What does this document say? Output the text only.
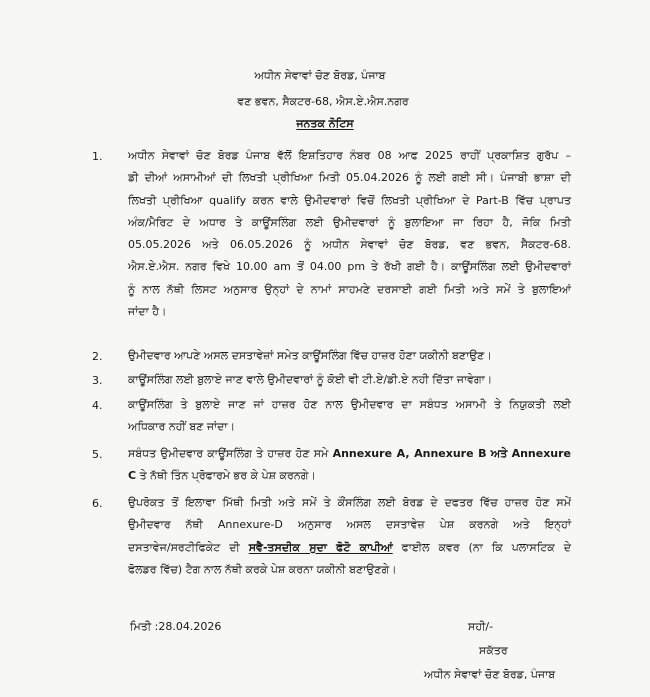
ਅਧੀਨ ਸੇਵਾਵਾਂ ਚੋਣ ਬੋਰਡ, ਪੰਜਾਬ
ਵਣ ਭਵਨ, ਸੈਕਟਰ-68, ਐਸ.ਏ.ਐਸ.ਨਗਰ
ਜਨਤਕ ਨੋਟਿਸ
1. ਅਧੀਨ ਸੇਵਾਵਾਂ ਚੋਣ ਬੋਰਡ ਪੰਜਾਬ ਵੱਲੋਂ ਇਸ਼ਤਿਹਾਰ ਨੰਬਰ 08 ਆਫ 2025 ਰਾਹੀਂ ਪ੍ਰਕਾਸ਼ਿਤ ਗੁਰੱਪ –
ਡੀ ਦੀਆਂ ਅਸਾਮੀਆਂ ਦੀ ਲਿਖਤੀ ਪ੍ਰੀਖਿਆ ਮਿਤੀ 05.04.2026 ਨੂੰ ਲਈ ਗਈ ਸੀ। ਪੰਜਾਬੀ ਭਾਸ਼ਾ ਦੀ
ਲਿਖਤੀ ਪ੍ਰੀਖਿਆ qualify ਕਰਨ ਵਾਲੇ ਉਮੀਦਵਾਰਾਂ ਵਿਚੋਂ ਲਿਖਤੀ ਪ੍ਰੀਖਿਆ ਦੇ Part-B ਵਿੱਚ ਪ੍ਰਾਪਤ
ਅੰਕ/ਮੈਰਿਟ ਦੇ ਅਧਾਰ ਤੇ ਕਾਊਂਸਲਿੰਗ ਲਈ ਉਮੀਦਵਾਰਾਂ ਨੂੰ ਬੁਲਾਇਆ ਜਾ ਰਿਹਾ ਹੈ, ਜੋਕਿ ਮਿਤੀ
05.05.2026 ਅਤੇ 06.05.2026 ਨੂੰ ਅਧੀਨ ਸੇਵਾਵਾਂ ਚੋਣ ਬੋਰਡ, ਵਣ ਭਵਨ, ਸੈਕਟਰ-68.
ਐਸ.ਏ.ਐਸ. ਨਗਰ ਵਿਖੇ 10.00 am ਤੋਂ 04.00 pm ਤੇ ਰੱਖੀ ਗਈ ਹੈ। ਕਾਊਂਸਲਿੰਗ ਲਈ ਉਮੀਦਵਾਰਾਂ
ਨੂੰ ਨਾਲ ਨੱਥੀ ਲਿਸਟ ਅਨੁਸਾਰ ਉਨ੍ਹਾਂ ਦੇ ਨਾਮਾਂ ਸਾਹਮਣੇ ਦਰਸਾਈ ਗਈ ਮਿਤੀ ਅਤੇ ਸਮੇਂ ਤੇ ਬੁਲਾਇਆਂ
ਜਾਂਦਾ ਹੈ।
2. ਉਮੀਦਵਾਰ ਆਪਣੇ ਅਸਲ ਦਸਤਾਵੇਜ਼ਾਂ ਸਮੇਤ ਕਾਊਂਸਲਿੰਗ ਵਿੱਚ ਹਾਜ਼ਰ ਹੋਣਾ ਯਕੀਨੀ ਬਣਾਉਣ।
3. ਕਾਊਂਸਲਿੰਗ ਲਈ ਬੁਲਾਏ ਜਾਣ ਵਾਲੇ ਉਮੀਦਵਾਰਾਂ ਨੂੰ ਕੋਈ ਵੀ ਟੀ.ਏ/ਡੀ.ਏ ਨਹੀ ਦਿੱਤਾ ਜਾਵੇਗਾ।
4. ਕਾਊਂਸਲਿੰਗ ਤੇ ਬੁਲਾਏ ਜਾਣ ਜਾਂ ਹਾਜ਼ਰ ਹੋਣ ਨਾਲ ਉਮੀਦਵਾਰ ਦਾ ਸਬੰਧਤ ਅਸਾਮੀ ਤੇ ਨਿਯੁਕਤੀ ਲਈ
ਅਧਿਕਾਰ ਨਹੀਂ ਬਣ ਜਾਂਦਾ।
5. ਸਬੰਧਤ ਉਮੀਦਵਾਰ ਕਾਊਂਸਲਿੰਗ ਤੇ ਹਾਜ਼ਰ ਹੋਣ ਸਮੇ Annexure A, Annexure B ਅਤੇ Annexure
C ਤੇ ਨੱਥੀ ਤਿੰਨ ਪ੍ਰੋਫਾਰਮੇ ਭਰ ਕੇ ਪੇਸ਼ ਕਰਨਗੇ।
6. ਉਪਰੋਕਤ ਤੋਂ ਇਲਾਵਾ ਮਿੱਥੀ ਮਿਤੀ ਅਤੇ ਸਮੇਂ ਤੇ ਕੌਂਸਲਿੰਗ ਲਈ ਬੋਰਡ ਦੇ ਦਫਤਰ ਵਿੱਚ ਹਾਜ਼ਰ ਹੋਣ ਸਮੇਂ
ਉਮੀਦਵਾਰ ਨੱਥੀ Annexure-D ਅਨੁਸਾਰ ਅਸਲ ਦਸਤਾਵੇਜ਼ ਪੇਸ਼ ਕਰਨਗੇ ਅਤੇ ਇਨ੍ਹਾਂ
ਦਸਤਾਵੇਜ/ਸਰਟੀਫਿਕੇਟ ਦੀ ਸਵੈ-ਤਸਦੀਕ ਸੁਦਾ ਫੋਟੋ ਕਾਪੀਆਂ ਫਾਈਲ ਕਵਰ (ਨਾ ਕਿ ਪਲਾਸਟਿਕ ਦੇ
ਫੋਲਡਰ ਵਿੱਚ) ਟੈਗ ਨਾਲ ਨੱਥੀ ਕਰਕੇ ਪੇਸ਼ ਕਰਨਾ ਯਕੀਨੀ ਬਣਾਉਣਗੇ।
ਮਿਤੀ :28.04.2026	ਸਹੀ/-
ਸਕੱਤਰ
ਅਧੀਨ ਸੇਵਾਵਾਂ ਚੋਣ ਬੋਰਡ, ਪੰਜਾਬ
